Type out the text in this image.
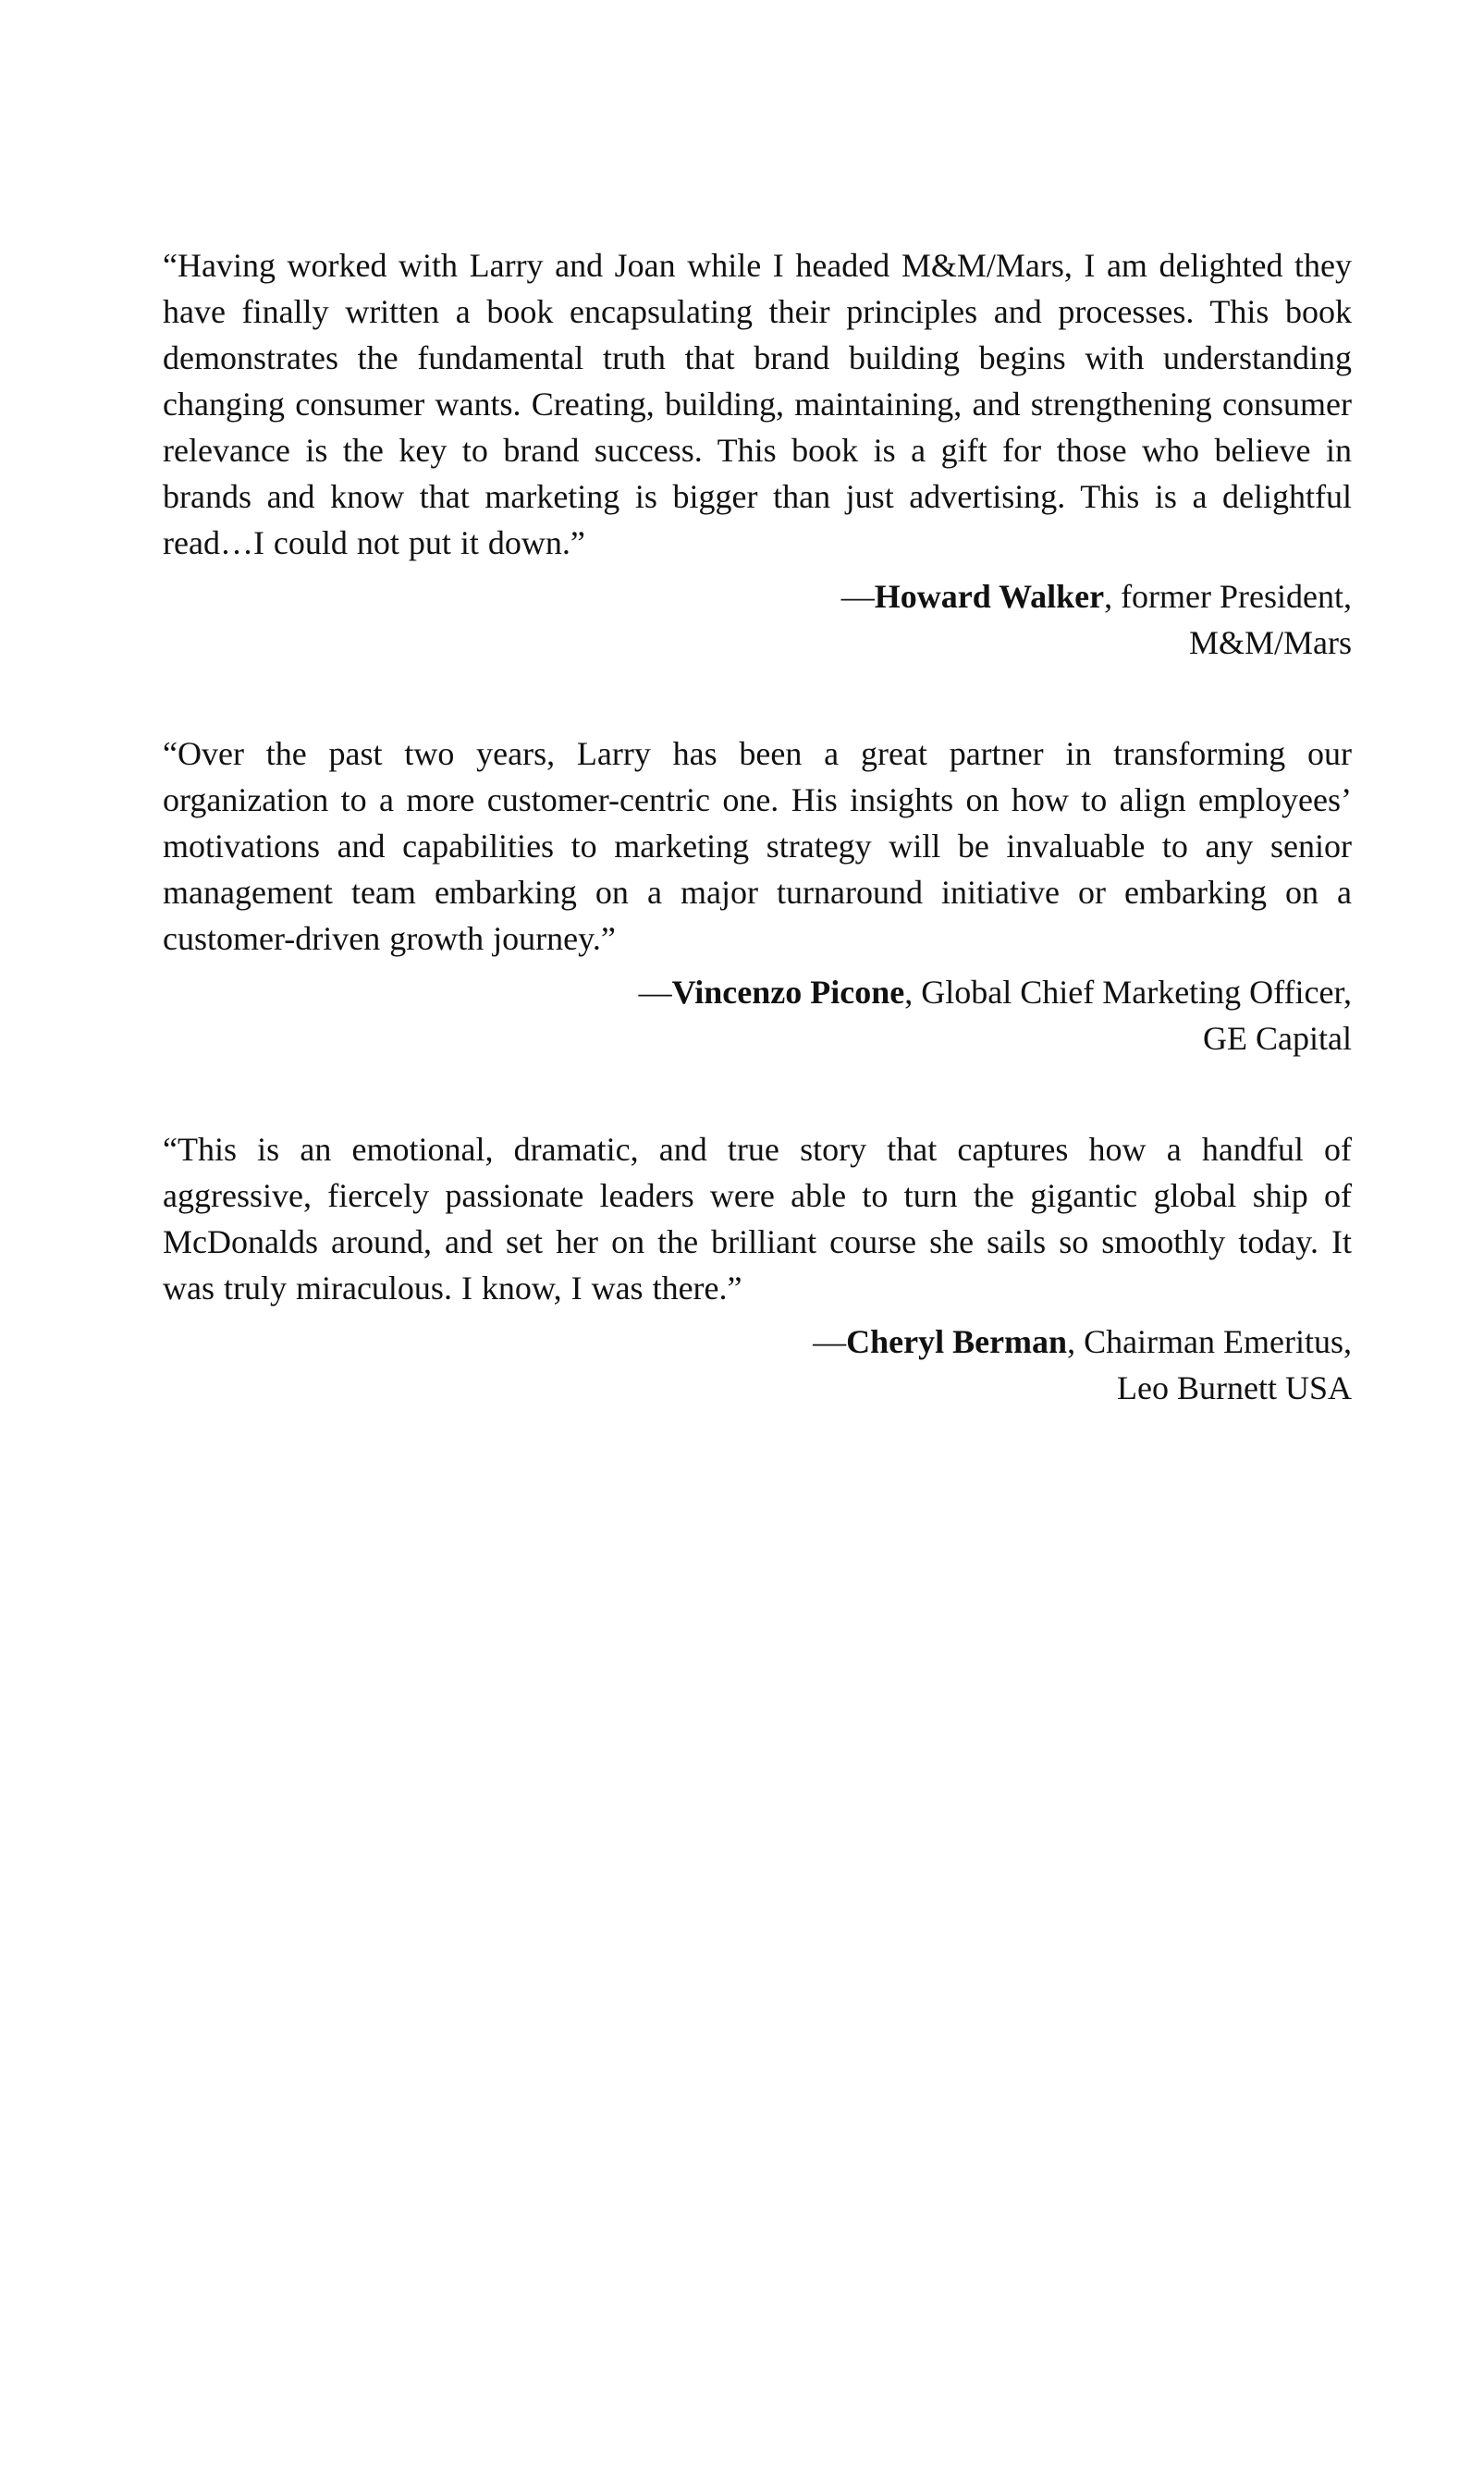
“Having worked with Larry and Joan while I headed M&M/Mars, I am delighted they have finally written a book encapsulating their principles and processes. This book demonstrates the fundamental truth that brand building begins with understanding changing consumer wants. Creating, building, maintaining, and strengthening consumer relevance is the key to brand success. This book is a gift for those who believe in brands and know that marketing is bigger than just advertising. This is a delightful read…I could not put it down.”

—Howard Walker, former President,
M&M/Mars

“Over the past two years, Larry has been a great partner in transforming our organization to a more customer-centric one. His insights on how to align employees’ motivations and capabilities to marketing strategy will be invaluable to any senior management team embarking on a major turnaround initiative or embarking on a customer-driven growth journey.”

—Vincenzo Picone, Global Chief Marketing Officer,
GE Capital

“This is an emotional, dramatic, and true story that captures how a handful of aggressive, fiercely passionate leaders were able to turn the gigantic global ship of McDonalds around, and set her on the brilliant course she sails so smoothly today. It was truly miraculous. I know, I was there.”

—Cheryl Berman, Chairman Emeritus,
Leo Burnett USA
